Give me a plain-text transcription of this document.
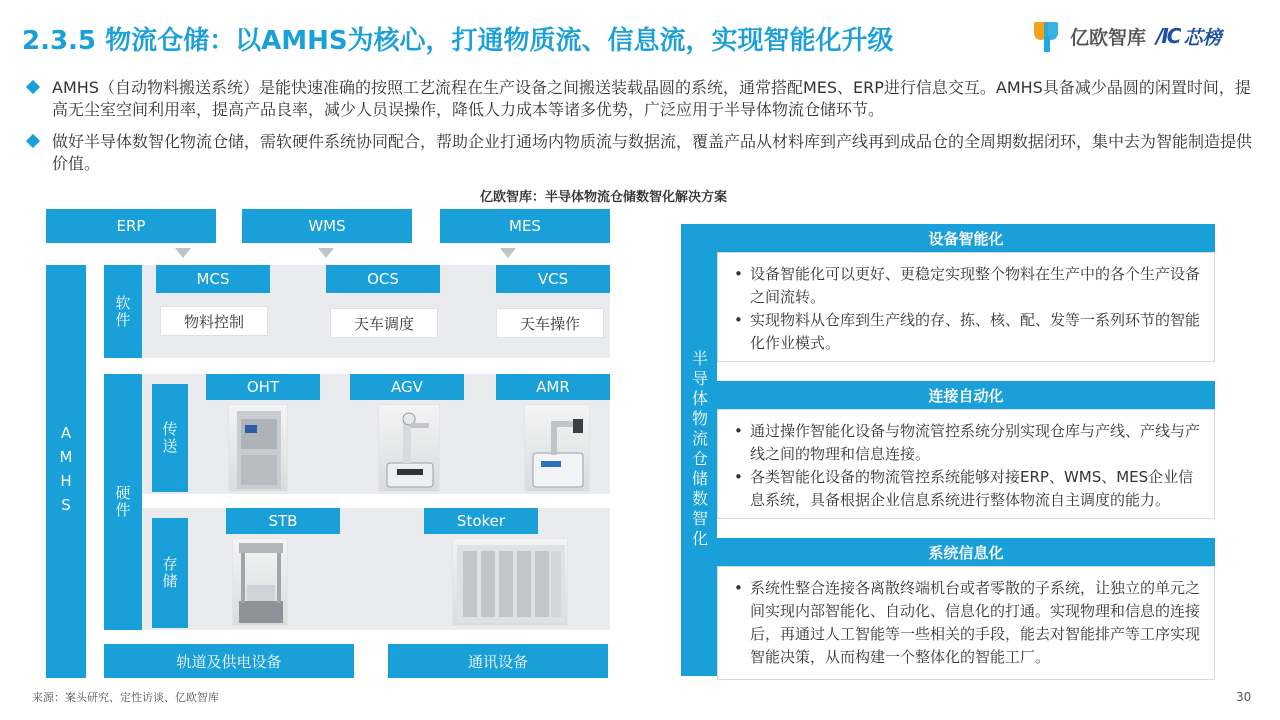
2.3.5 物流仓储：以AMHS为核心，打通物质流、信息流，实现智能化升级	亿欧智库 /IC 芯榜
AMHS（自动物料搬送系统）是能快速准确的按照工艺流程在生产设备之间搬送装载晶圆的系统，通常搭配MES、ERP进行信息交互。AMHS具备减少晶圆的闲置时间，提高无尘室空间利用率，提高产品良率，减少人员误操作，降低人力成本等诸多优势，广泛应用于半导体物流仓储环节。
做好半导体数智化物流仓储，需软硬件系统协同配合，帮助企业打通场内物质流与数据流，覆盖产品从材料库到产线再到成品仓的全周期数据闭环，集中去为智能制造提供价值。
亿欧智库：半导体物流仓储数智化解决方案
ERP	WMS	MES
AMHS
软件
MCS	OCS	VCS
物料控制	天车调度	天车操作
硬件
传送
OHT	AGV	AMR
存储
STB	Stoker
轨道及供电设备	通讯设备
半导体物流仓储数智化
设备智能化
• 设备智能化可以更好、更稳定实现整个物料在生产中的各个生产设备之间流转。
• 实现物料从仓库到生产线的存、拣、核、配、发等一系列环节的智能化作业模式。
连接自动化
• 通过操作智能化设备与物流管控系统分别实现仓库与产线、产线与产线之间的物理和信息连接。
• 各类智能化设备的物流管控系统能够对接ERP、WMS、MES企业信息系统，具备根据企业信息系统进行整体物流自主调度的能力。
系统信息化
• 系统性整合连接各离散终端机台或者零散的子系统，让独立的单元之间实现内部智能化、自动化、信息化的打通。实现物理和信息的连接后，再通过人工智能等一些相关的手段，能去对智能排产等工序实现智能决策，从而构建一个整体化的智能工厂。
来源：案头研究、定性访谈、亿欧智库	30
